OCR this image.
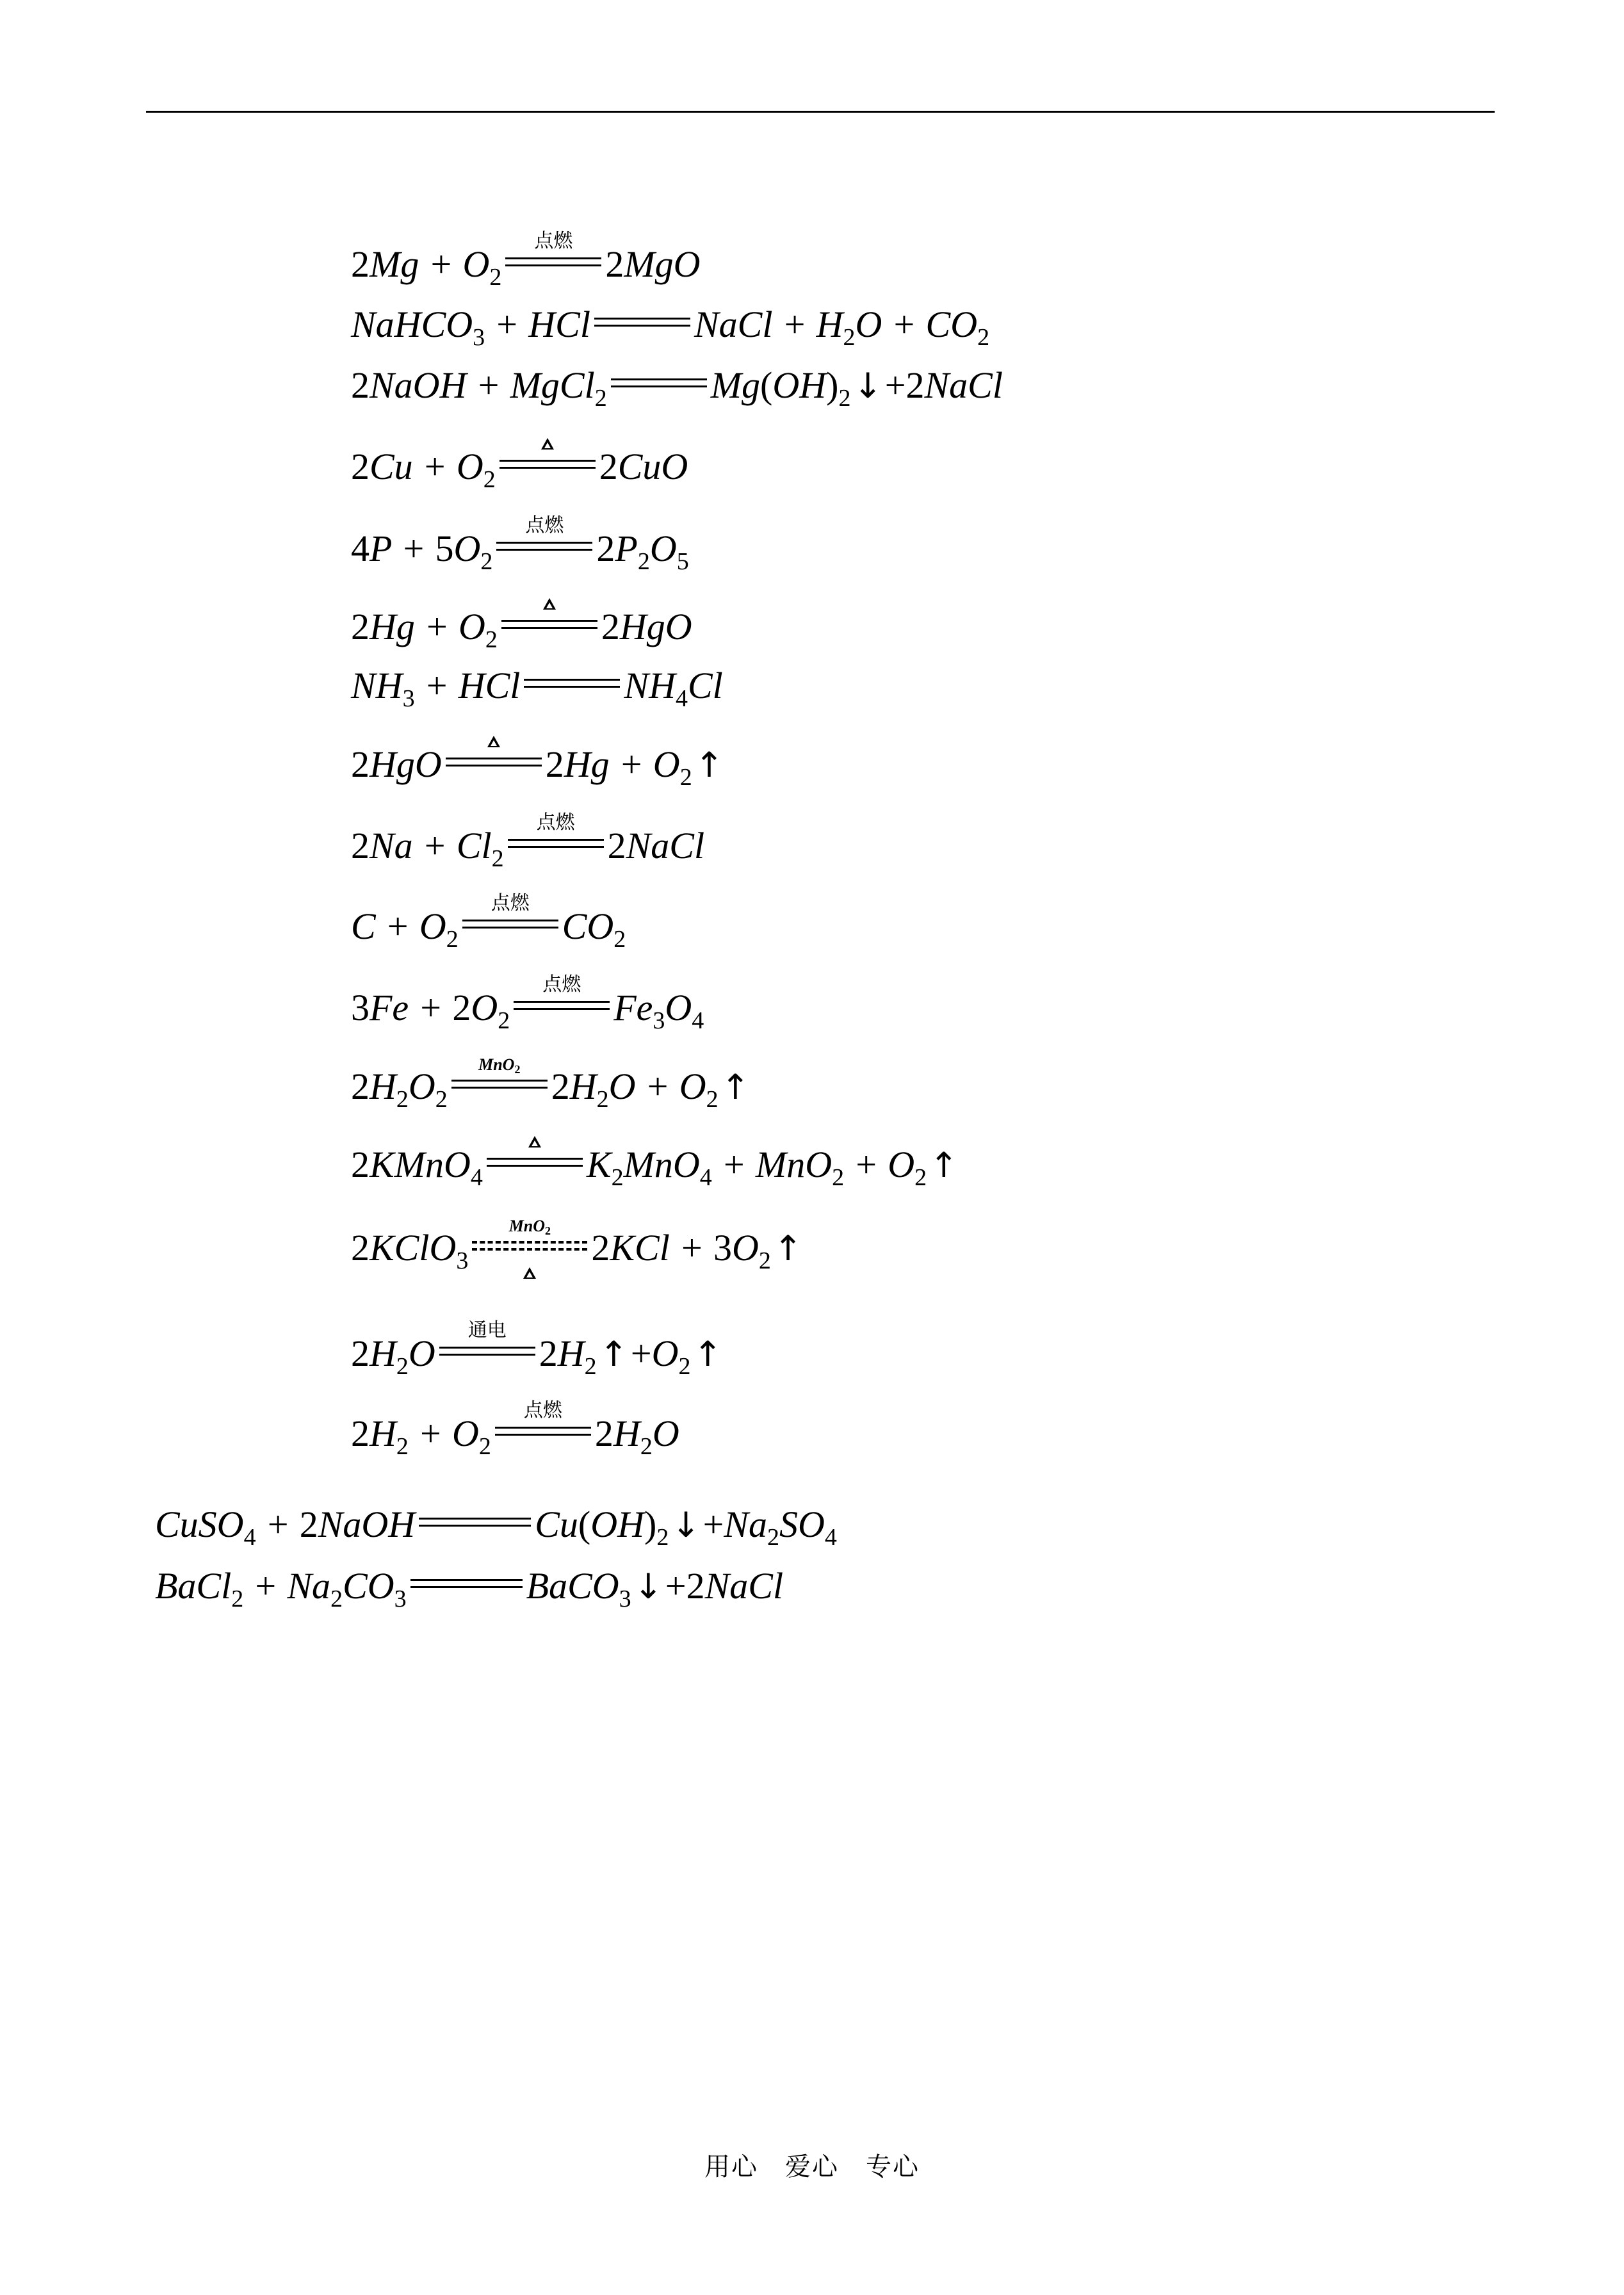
$2Mg + O_2$
点燃
2MgO
NaHCO$_3$ + HCl	NaCl + $H_2O + CO_2$
2NaOH + MgCl$_2$	$Mg(OH)_2$ ↓ +2NaCl
$2Cu + O_2$	2CuO
$4P + 5O_2$
点燃
$2P_2O_5$
$2Hg + O_2$	2HgO
$NH_3$ + HCl	$NH_4Cl$
2HgO	$2Hg + O_2$ ↑
$2Na + Cl_2$
点燃
2NaCl
$C + O_2$
点燃
$CO_2$
$3Fe + 2O_2$
点燃
$Fe_3O_4$
$2H_2O_2$
MnO$_2$ $2H_2O + O_2$ ↑
2KMnO$_4$	$K_2MnO_4 + MnO_2 + O_2$ ↑
2KClO$_3$
MnO$_2$	$2KCl + 3O_2$ ↑
$2H_2O$
通电
$2H_2$ ↑ $+O_2$ ↑
$2H_2 + O_2$
点燃
$2H_2O$
CuSO$_4$ + 2NaOH	$Cu(OH)_2$ ↓ $+Na_2SO_4$
BaCl$_2$ + $Na_2CO_3$	BaCO$_3$ ↓ +2NaCl
用心　爱心　专心
